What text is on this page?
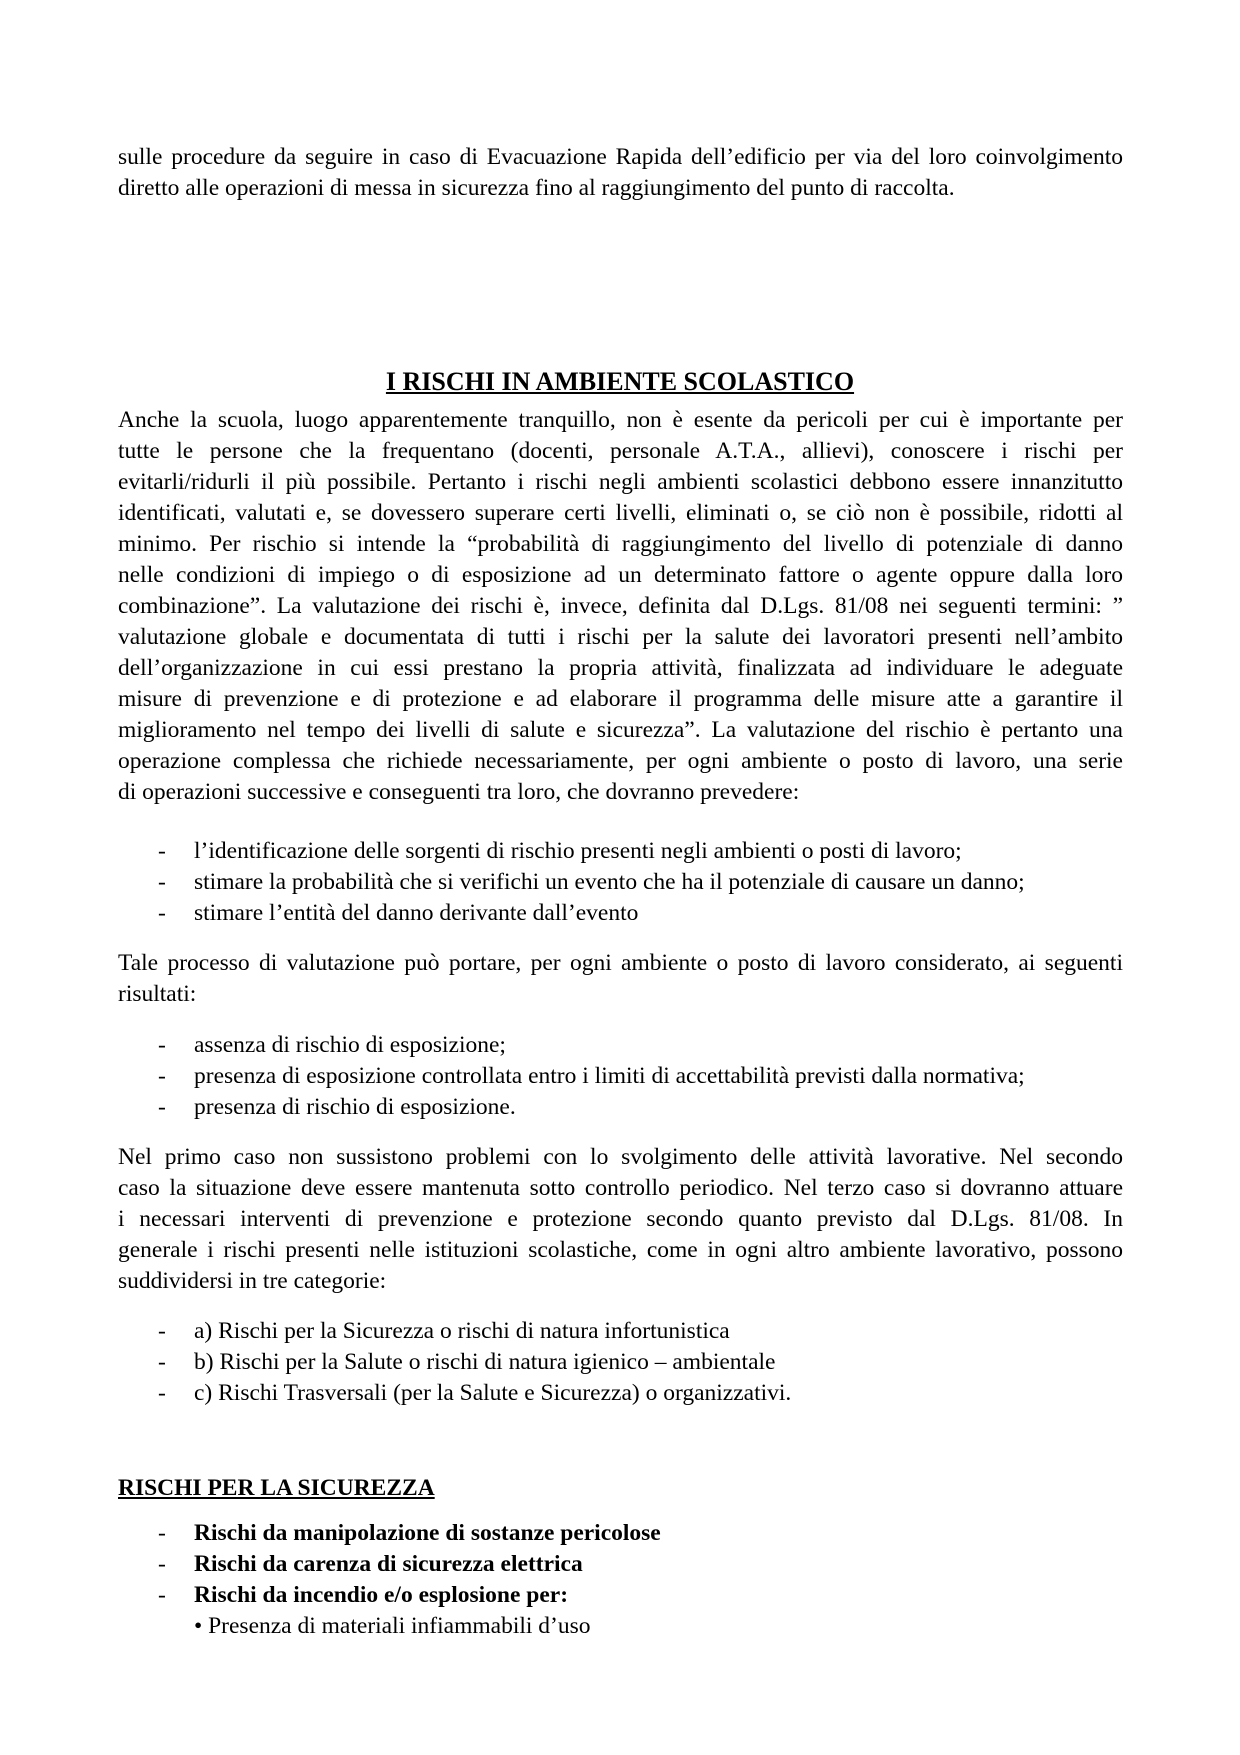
sulle procedure da seguire in caso di Evacuazione Rapida dell’edificio per via del loro coinvolgimento
diretto alle operazioni di messa in sicurezza fino al raggiungimento del punto di raccolta.
I RISCHI IN AMBIENTE SCOLASTICO
Anche la scuola, luogo apparentemente tranquillo, non è esente da pericoli per cui è importante per
tutte le persone che la frequentano (docenti, personale A.T.A., allievi), conoscere i rischi per
evitarli/ridurli il più possibile. Pertanto i rischi negli ambienti scolastici debbono essere innanzitutto
identificati, valutati e, se dovessero superare certi livelli, eliminati o, se ciò non è possibile, ridotti al
minimo. Per rischio si intende la “probabilità di raggiungimento del livello di potenziale di danno
nelle condizioni di impiego o di esposizione ad un determinato fattore o agente oppure dalla loro
combinazione”. La valutazione dei rischi è, invece, definita dal D.Lgs. 81/08 nei seguenti termini: ”
valutazione globale e documentata di tutti i rischi per la salute dei lavoratori presenti nell’ambito
dell’organizzazione in cui essi prestano la propria attività, finalizzata ad individuare le adeguate
misure di prevenzione e di protezione e ad elaborare il programma delle misure atte a garantire il
miglioramento nel tempo dei livelli di salute e sicurezza”. La valutazione del rischio è pertanto una
operazione complessa che richiede necessariamente, per ogni ambiente o posto di lavoro, una serie
di operazioni successive e conseguenti tra loro, che dovranno prevedere:
- l’identificazione delle sorgenti di rischio presenti negli ambienti o posti di lavoro;
- stimare la probabilità che si verifichi un evento che ha il potenziale di causare un danno;
- stimare l’entità del danno derivante dall’evento
Tale processo di valutazione può portare, per ogni ambiente o posto di lavoro considerato, ai seguenti
risultati:
- assenza di rischio di esposizione;
- presenza di esposizione controllata entro i limiti di accettabilità previsti dalla normativa;
- presenza di rischio di esposizione.
Nel primo caso non sussistono problemi con lo svolgimento delle attività lavorative. Nel secondo
caso la situazione deve essere mantenuta sotto controllo periodico. Nel terzo caso si dovranno attuare
i necessari interventi di prevenzione e protezione secondo quanto previsto dal D.Lgs. 81/08. In
generale i rischi presenti nelle istituzioni scolastiche, come in ogni altro ambiente lavorativo, possono
suddividersi in tre categorie:
- a) Rischi per la Sicurezza o rischi di natura infortunistica
- b) Rischi per la Salute o rischi di natura igienico – ambientale
- c) Rischi Trasversali (per la Salute e Sicurezza) o organizzativi.
RISCHI PER LA SICUREZZA
- Rischi da manipolazione di sostanze pericolose
- Rischi da carenza di sicurezza elettrica
- Rischi da incendio e/o esplosione per:
• Presenza di materiali infiammabili d’uso
